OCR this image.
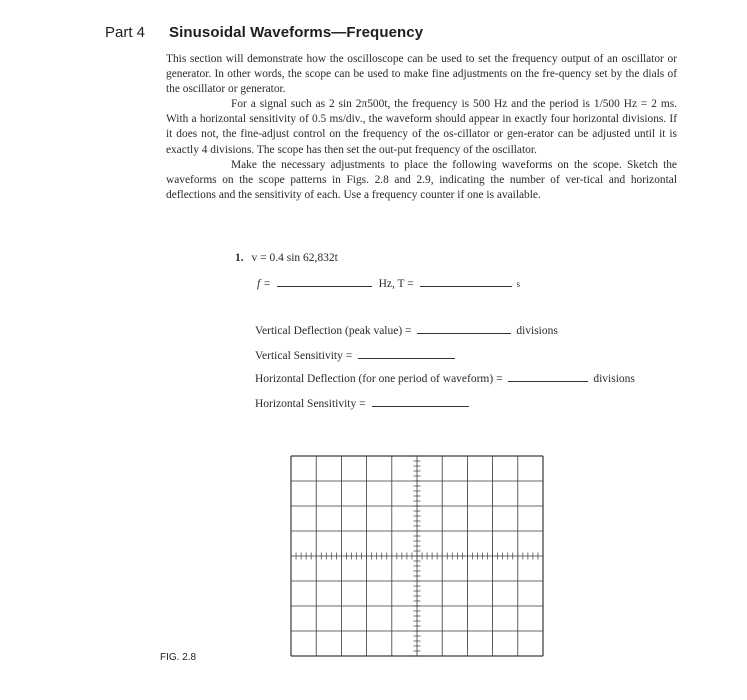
Part 4 Sinusoidal Waveforms—Frequency

This section will demonstrate how the oscilloscope can be used to set the frequency output of an oscillator or generator. In other words, the scope can be used to make fine adjustments on the fre-quency set by the dials of the oscillator or generator.

For a signal such as 2 sin 2π500t, the frequency is 500 Hz and the period is 1/500 Hz = 2 ms. With a horizontal sensitivity of 0.5 ms/div., the waveform should appear in exactly four horizontal divisions. If it does not, the fine-adjust control on the frequency of the os-cillator or gen-erator can be adjusted until it is exactly 4 divisions. The scope has then set the out-put frequency of the oscillator.

Make the necessary adjustments to place the following waveforms on the scope. Sketch the waveforms on the scope patterns in Figs. 2.8 and 2.9, indicating the number of ver-tical and horizontal deflections and the sensitivity of each. Use a frequency counter if one is available.

1. v = 0.4 sin 62,832t
f =	Hz, T =	s
Vertical Deflection (peak value) =	divisions
Vertical Sensitivity =
Horizontal Deflection (for one period of waveform) =	divisions
Horizontal Sensitivity =
FIG. 2.8
